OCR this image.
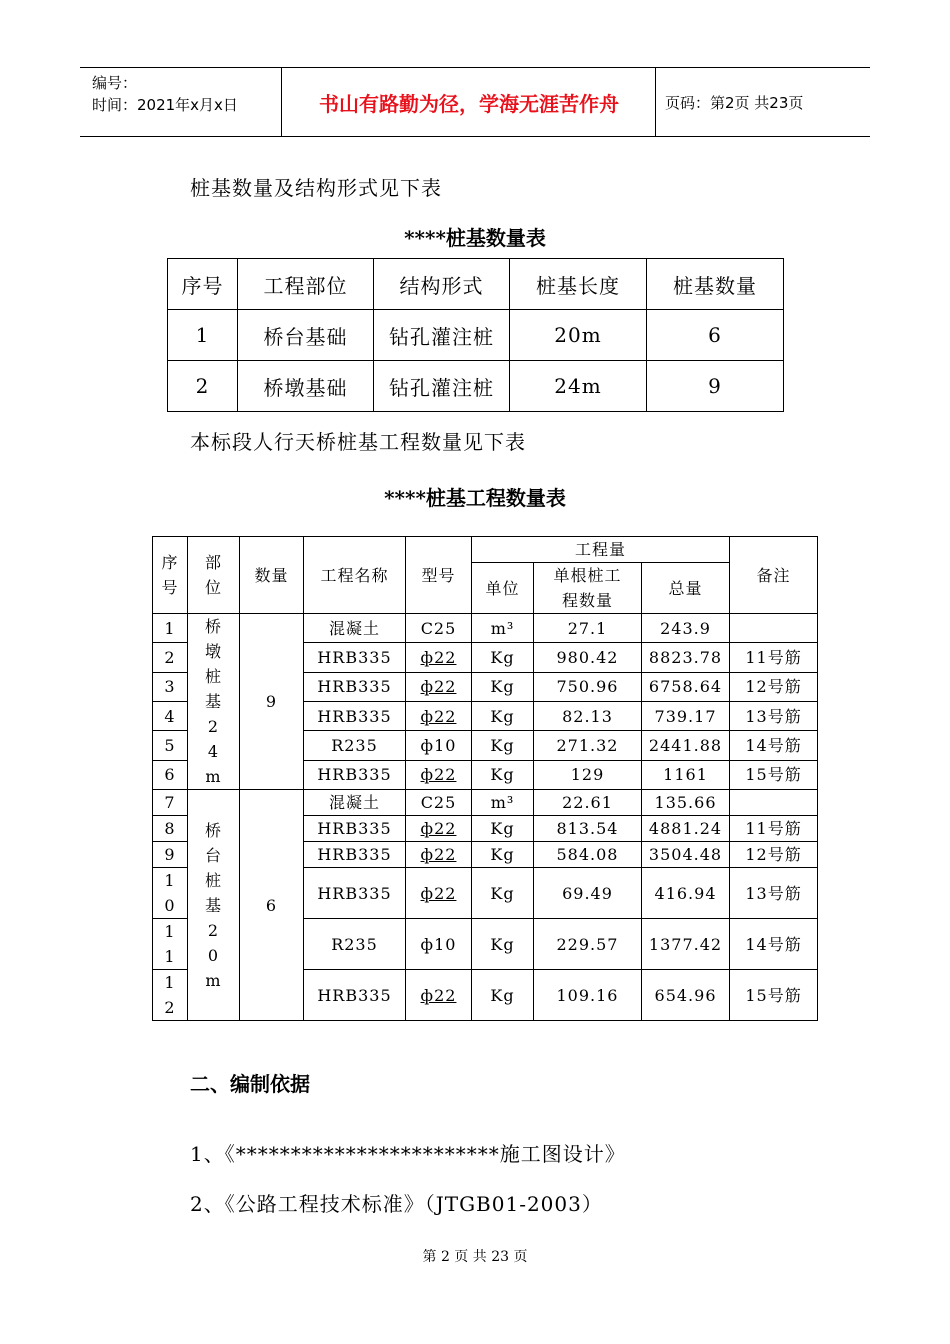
编号：
时间：2021年x月x日	书山有路勤为径，学海无涯苦作舟	页码：第2页 共23页
桩基数量及结构形式见下表
****桩基数量表
序号	工程部位	结构形式	桩基长度	桩基数量
1	桥台基础	钻孔灌注桩	20m	6
2	桥墩基础	钻孔灌注桩	24m	9
本标段人行天桥桩基工程数量见下表
****桩基工程数量表
序号	部位	数量	工程名称	型号	工程量			备注
					单位	单根桩工程数量	总量	
1	桥墩桩基24m	9	混凝土	C25	m³	27.1	243.9	
2			HRB335	ф22	Kg	980.42	8823.78	11号筋
3			HRB335	ф22	Kg	750.96	6758.64	12号筋
4			HRB335	ф22	Kg	82.13	739.17	13号筋
5			R235	ф10	Kg	271.32	2441.88	14号筋
6			HRB335	ф22	Kg	129	1161	15号筋
7	桥台桩基20m	6	混凝土	C25	m³	22.61	135.66	
8			HRB335	ф22	Kg	813.54	4881.24	11号筋
9			HRB335	ф22	Kg	584.08	3504.48	12号筋
10			HRB335	ф22	Kg	69.49	416.94	13号筋
11			R235	ф10	Kg	229.57	1377.42	14号筋
12			HRB335	ф22	Kg	109.16	654.96	15号筋
二、编制依据
1、《************************施工图设计》
2、《公路工程技术标准》（JTGB01-2003）
第 2 页 共 23 页
